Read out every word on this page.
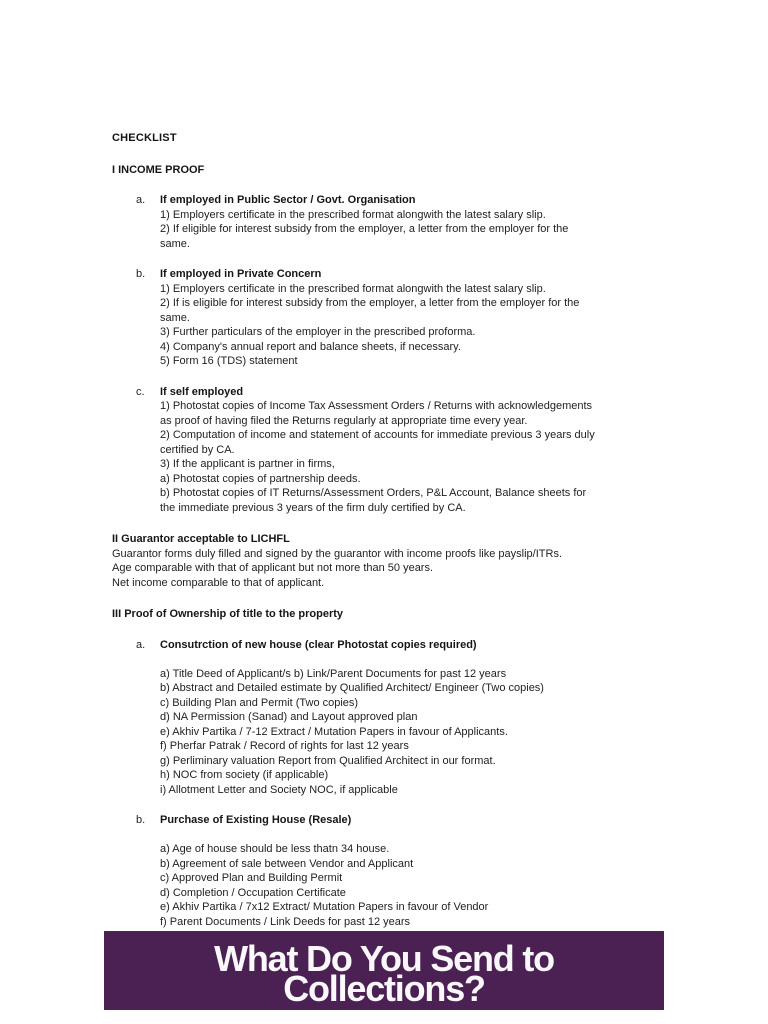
CHECKLIST
I INCOME PROOF
a. If employed in Public Sector / Govt. Organisation
1) Employers certificate in the prescribed format alongwith the latest salary slip.
2) If eligible for interest subsidy from the employer, a letter from the employer for the
same.
b. If employed in Private Concern
1) Employers certificate in the prescribed format alongwith the latest salary slip.
2) If is eligible for interest subsidy from the employer, a letter from the employer for the
same.
3) Further particulars of the employer in the prescribed proforma.
4) Company's annual report and balance sheets, if necessary.
5) Form 16 (TDS) statement
c. If self employed
1) Photostat copies of Income Tax Assessment Orders / Returns with acknowledgements
as proof of having filed the Returns regularly at appropriate time every year.
2) Computation of income and statement of accounts for immediate previous 3 years duly
certified by CA.
3) If the applicant is partner in firms,
a) Photostat copies of partnership deeds.
b) Photostat copies of IT Returns/Assessment Orders, P&L Account, Balance sheets for
the immediate previous 3 years of the firm duly certified by CA.
II Guarantor acceptable to LICHFL
Guarantor forms duly filled and signed by the guarantor with income proofs like payslip/ITRs.
Age comparable with that of applicant but not more than 50 years.
Net income comparable to that of applicant.
III Proof of Ownership of title to the property
a. Consutrction of new house (clear Photostat copies required)
a) Title Deed of Applicant/s b) Link/Parent Documents for past 12 years
b) Abstract and Detailed estimate by Qualified Architect/ Engineer (Two copies)
c) Building Plan and Permit (Two copies)
d) NA Permission (Sanad) and Layout approved plan
e) Akhiv Partika / 7-12 Extract / Mutation Papers in favour of Applicants.
f) Pherfar Patrak / Record of rights for last 12 years
g) Perliminary valuation Report from Qualified Architect in our format.
h) NOC from society (if applicable)
i) Allotment Letter and Society NOC, if applicable
b. Purchase of Existing House (Resale)
a) Age of house should be less thatn 34 house.
b) Agreement of sale between Vendor and Applicant
c) Approved Plan and Building Permit
d) Completion / Occupation Certificate
e) Akhiv Partika / 7x12 Extract/ Mutation Papers in favour of Vendor
f) Parent Documents / Link Deeds for past 12 years
What Do You Send to
Collections?
